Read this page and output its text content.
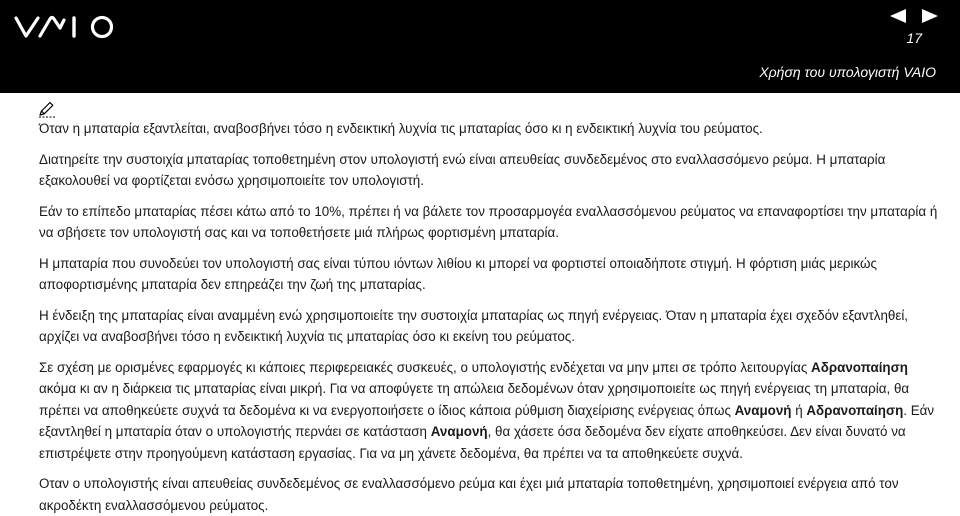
17
Χρήση του υπολογιστή VAIO

Όταν η μπαταρία εξαντλείται, αναβοσβήνει τόσο η ενδεικτική λυχνία τις μπαταρίας όσο κι η ενδεικτική λυχνία του ρεύματος.

Διατηρείτε την συστοιχία μπαταρίας τοποθετημένη στον υπολογιστή ενώ είναι απευθείας συνδεδεμένος στο εναλλασσόμενο ρεύμα. Η μπαταρία εξακολουθεί να φορτίζεται ενόσω χρησιμοποιείτε τον υπολογιστή.

Εάν το επίπεδο μπαταρίας πέσει κάτω από το 10%, πρέπει ή να βάλετε τον προσαρμογέα εναλλασσόμενου ρεύματος να επαναφορτίσει την μπαταρία ή να σβήσετε τον υπολογιστή σας και να τοποθετήσετε μιά πλήρως φορτισμένη μπαταρία.

Η μπαταρία που συνοδεύει τον υπολογιστή σας είναι τύπου ιόντων λιθίου κι μπορεί να φορτιστεί οποιαδήποτε στιγμή. Η φόρτιση μιάς μερικώς αποφορτισμένης μπαταρία δεν επηρεάζει την ζωή της μπαταρίας.

Η ένδειξη της μπαταρίας είναι αναμμένη ενώ χρησιμοποιείτε την συστοιχία μπαταρίας ως πηγή ενέργειας. Όταν η μπαταρία έχει σχεδόν εξαντληθεί, αρχίζει να αναβοσβήνει τόσο η ενδεικτική λυχνία τις μπαταρίας όσο κι εκείνη του ρεύματος.

Σε σχέση με ορισμένες εφαρμογές κι κάποιες περιφερειακές συσκευές, ο υπολογιστής ενδέχεται να μην μπει σε τρόπο λειτουργίας Αδρανοπαίηση ακόμα κι αν η διάρκεια τις μπαταρίας είναι μικρή. Για να αποφύγετε τη απώλεια δεδομένων όταν χρησιμοποιείτε ως πηγή ενέργειας τη μπαταρία, θα πρέπει να αποθηκεύετε συχνά τα δεδομένα κι να ενεργοποιήσετε ο ίδιος κάποια ρύθμιση διαχείρισης ενέργειας όπως Αναμονή ή Αδρανοπαίηση. Εάν εξαντληθεί η μπαταρία όταν ο υπολογιστής περνάει σε κατάσταση Αναμονή, θα χάσετε όσα δεδομένα δεν είχατε αποθηκεύσει. Δεν είναι δυνατό να επιστρέψετε στην προηγούμενη κατάσταση εργασίας. Για να μη χάνετε δεδομένα, θα πρέπει να τα αποθηκεύετε συχνά.

Οταν ο υπολογιστής είναι απευθείας συνδεδεμένος σε εναλλασσόμενο ρεύμα και έχει μιά μπαταρία τοποθετημένη, χρησιμοποιεί ενέργεια από τον ακροδέκτη εναλλασσόμενου ρεύματος.
